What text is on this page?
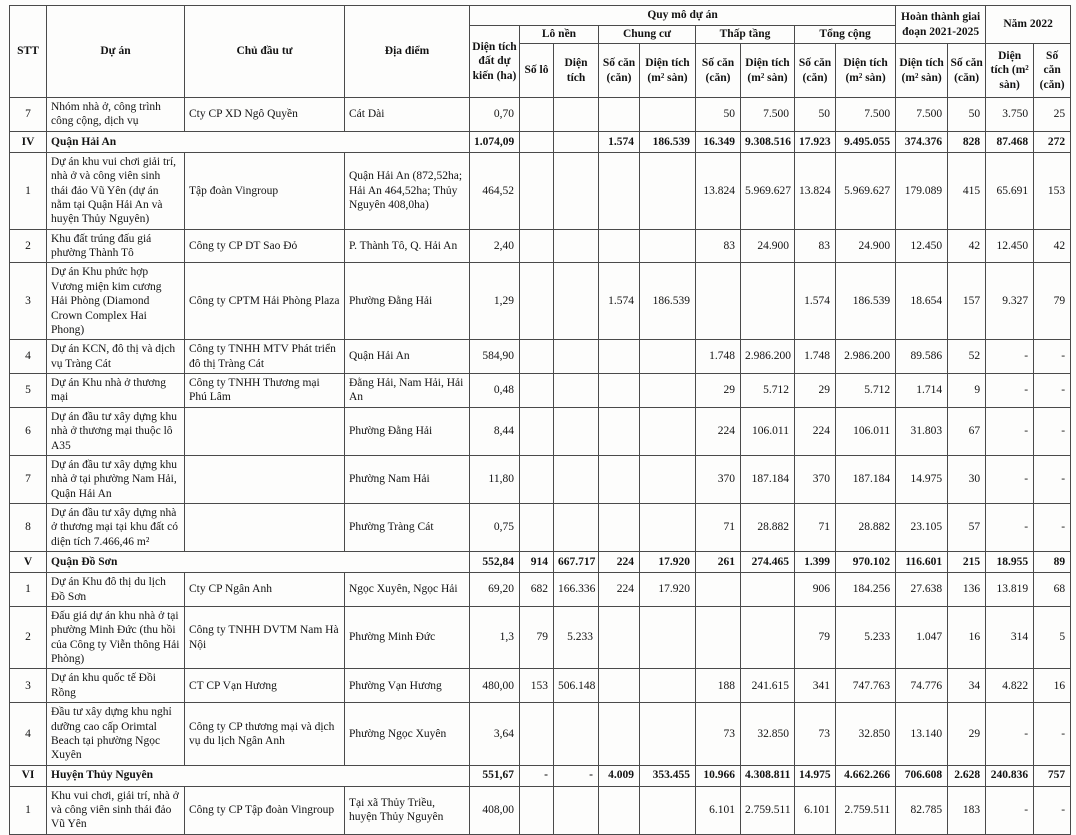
STT	Dự án	Chủ đầu tư	Địa điểm	Quy mô dự án									Hoàn thành giai đoạn 2021-2025		Năm 2022	
				Diện tích đất dự kiến (ha)	Lô nền		Chung cư		Thấp tầng		Tổng cộng					
					Số lô	Diện tích	Số căn (căn)	Diện tích (m² sàn)	Số căn (căn)	Diện tích (m² sàn)	Số căn (căn)	Diện tích (m² sàn)	Diện tích (m² sàn)	Số căn (căn)	Diện tích (m² sàn)	Số căn (căn)
7	Nhóm nhà ở, công trình công cộng, dịch vụ	Cty CP XD Ngô Quyền	Cát Dài	0,70					50	7.500	50	7.500	7.500	50	3.750	25
IV	Quận Hải An			1.074,09			1.574	186.539	16.349	9.308.516	17.923	9.495.055	374.376	828	87.468	272
1	Dự án khu vui chơi giải trí, nhà ở và công viên sinh thái đảo Vũ Yên (dự án nằm tại Quận Hải An và huyện Thủy Nguyên)	Tập đoàn Vingroup	Quận Hải An (872,52ha; Hải An 464,52ha; Thủy Nguyên 408,0ha)	464,52					13.824	5.969.627	13.824	5.969.627	179.089	415	65.691	153
2	Khu đất trúng đấu giá phường Thành Tô	Công ty CP DT Sao Đỏ	P. Thành Tô, Q. Hải An	2,40					83	24.900	83	24.900	12.450	42	12.450	42
3	Dự án Khu phức hợp Vương miện kim cương Hải Phòng (Diamond Crown Complex Hai Phong)	Công ty CPTM Hải Phòng Plaza	Phường Đằng Hải	1,29			1.574	186.539			1.574	186.539	18.654	157	9.327	79
4	Dự án KCN, đô thị và dịch vụ Tràng Cát	Công ty TNHH MTV Phát triển đô thị Tràng Cát	Quận Hải An	584,90					1.748	2.986.200	1.748	2.986.200	89.586	52	-	-
5	Dự án Khu nhà ở thương mại	Công ty TNHH Thương mại Phú Lâm	Đằng Hải, Nam Hải, Hải An	0,48					29	5.712	29	5.712	1.714	9	-	-
6	Dự án đầu tư xây dựng khu nhà ở thương mại thuộc lô A35		Phường Đằng Hải	8,44					224	106.011	224	106.011	31.803	67	-	-
7	Dự án đầu tư xây dựng khu nhà ở tại phường Nam Hải, Quận Hải An		Phường Nam Hải	11,80					370	187.184	370	187.184	14.975	30	-	-
8	Dự án đầu tư xây dựng nhà ở thương mại tại khu đất có diện tích 7.466,46 m²		Phường Tràng Cát	0,75					71	28.882	71	28.882	23.105	57	-	-
V	Quận Đồ Sơn			552,84	914	667.717	224	17.920	261	274.465	1.399	970.102	116.601	215	18.955	89
1	Dự án Khu đô thị du lịch Đồ Sơn	Cty CP Ngân Anh	Ngọc Xuyên, Ngọc Hải	69,20	682	166.336	224	17.920			906	184.256	27.638	136	13.819	68
2	Đấu giá dự án khu nhà ở tại phường Minh Đức (thu hồi của Công ty Viễn thông Hải Phòng)	Công ty TNHH DVTM Nam Hà Nội	Phường Minh Đức	1,3	79	5.233					79	5.233	1.047	16	314	5
3	Dự án khu quốc tế Đồi Rồng	CT CP Vạn Hương	Phường Vạn Hương	480,00	153	506.148			188	241.615	341	747.763	74.776	34	4.822	16
4	Đầu tư xây dựng khu nghỉ dưỡng cao cấp Orimtal Beach tại phường Ngọc Xuyên	Công ty CP thương mại và dịch vụ du lịch Ngân Anh	Phường Ngọc Xuyên	3,64					73	32.850	73	32.850	13.140	29	-	-
VI	Huyện Thủy Nguyên			551,67	-	-	4.009	353.455	10.966	4.308.811	14.975	4.662.266	706.608	2.628	240.836	757
1	Khu vui chơi, giải trí, nhà ở và công viên sinh thái đảo Vũ Yên	Công ty CP Tập đoàn Vingroup	Tại xã Thủy Triều, huyện Thủy Nguyên	408,00					6.101	2.759.511	6.101	2.759.511	82.785	183	-	-
